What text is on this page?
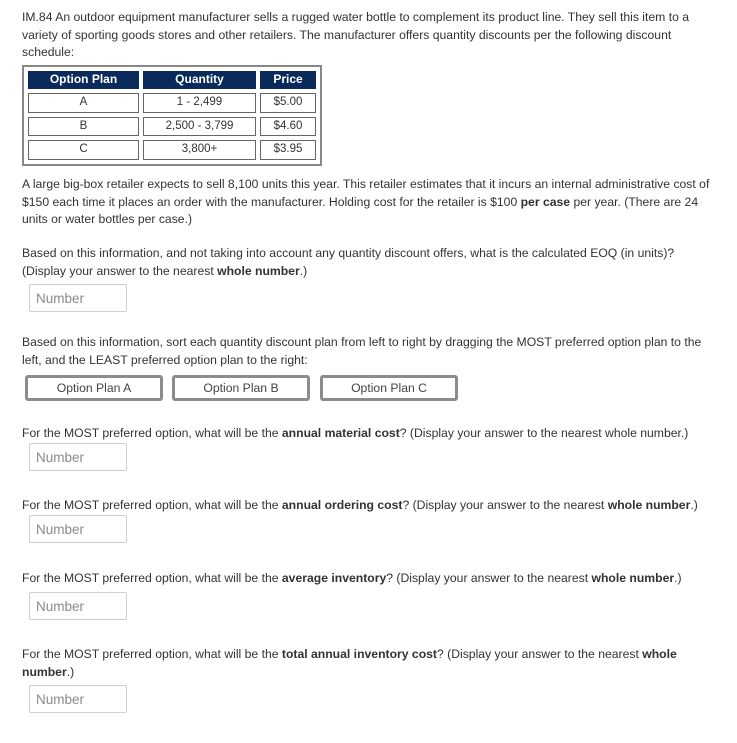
IM.84 An outdoor equipment manufacturer sells a rugged water bottle to complement its product line. They sell this item to a variety of sporting goods stores and other retailers. The manufacturer offers quantity discounts per the following discount schedule:

Option Plan	Quantity	Price
A	1 - 2,499	$5.00
B	2,500 - 3,799	$4.60
C	3,800+	$3.95

A large big-box retailer expects to sell 8,100 units this year. This retailer estimates that it incurs an internal administrative cost of $150 each time it places an order with the manufacturer. Holding cost for the retailer is $100 per case per year. (There are 24 units or water bottles per case.)

Based on this information, and not taking into account any quantity discount offers, what is the calculated EOQ (in units)? (Display your answer to the nearest whole number.)

Number

Based on this information, sort each quantity discount plan from left to right by dragging the MOST preferred option plan to the left, and the LEAST preferred option plan to the right:

Option Plan A	Option Plan B	Option Plan C

For the MOST preferred option, what will be the annual material cost? (Display your answer to the nearest whole number.)

Number

For the MOST preferred option, what will be the annual ordering cost? (Display your answer to the nearest whole number.)

Number

For the MOST preferred option, what will be the average inventory? (Display your answer to the nearest whole number.)

Number

For the MOST preferred option, what will be the total annual inventory cost? (Display your answer to the nearest whole number.)

Number
